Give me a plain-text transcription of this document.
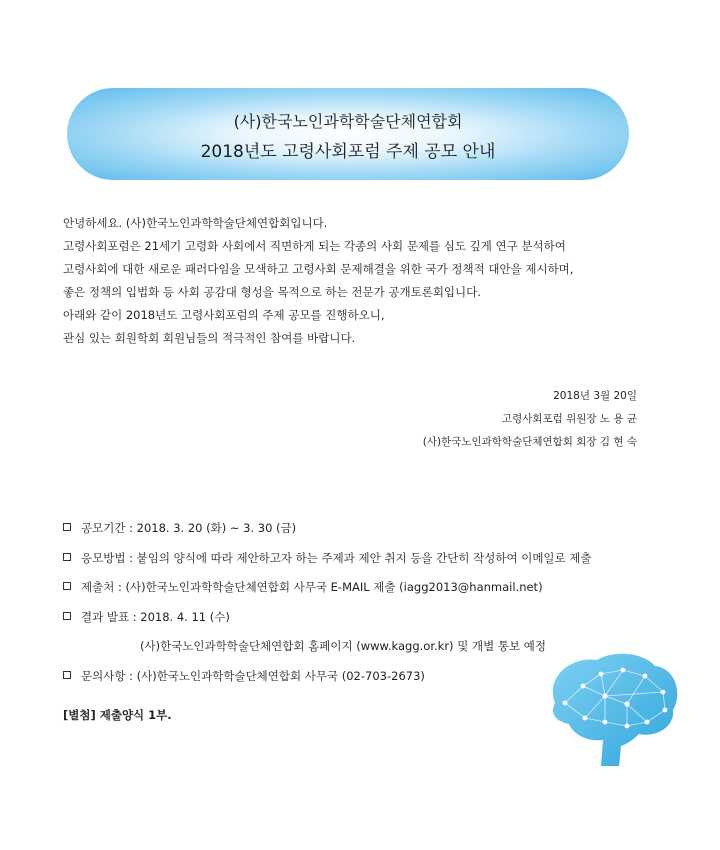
(사)한국노인과학학술단체연합회
2018년도 고령사회포럼 주제 공모 안내

안녕하세요. (사)한국노인과학학술단체연합회입니다.

고령사회포럼은 21세기 고령화 사회에서 직면하게 되는 각종의 사회 문제를 심도 깊게 연구 분석하여

고령사회에 대한 새로운 패러다임을 모색하고 고령사회 문제해결을 위한 국가 정책적 대안을 제시하며,

좋은 정책의 입법화 등 사회 공감대 형성을 목적으로 하는 전문가 공개토론회입니다.

아래와 같이 2018년도 고령사회포럼의 주제 공모를 진행하오니,

관심 있는 회원학회 회원님들의 적극적인 참여를 바랍니다.

2018년 3월 20일

고령사회포럼 위원장 노 용 균

(사)한국노인과학학술단체연합회 회장 김 현 숙

공모기간 : 2018. 3. 20 (화) ~ 3. 30 (금)
응모방법 : 붙임의 양식에 따라 제안하고자 하는 주제과 제안 취지 등을 간단히 작성하여 이메일로 제출
제출처 : (사)한국노인과학학술단체연합회 사무국 E-MAIL 제출 (iagg2013@hanmail.net)
결과 발표 : 2018. 4. 11 (수)
(사)한국노인과학학술단체연합회 홈페이지 (www.kagg.or.kr) 및 개별 통보 예정
문의사항 : (사)한국노인과학학술단체연합회 사무국 (02-703-2673)
[별첨] 제출양식 1부.
